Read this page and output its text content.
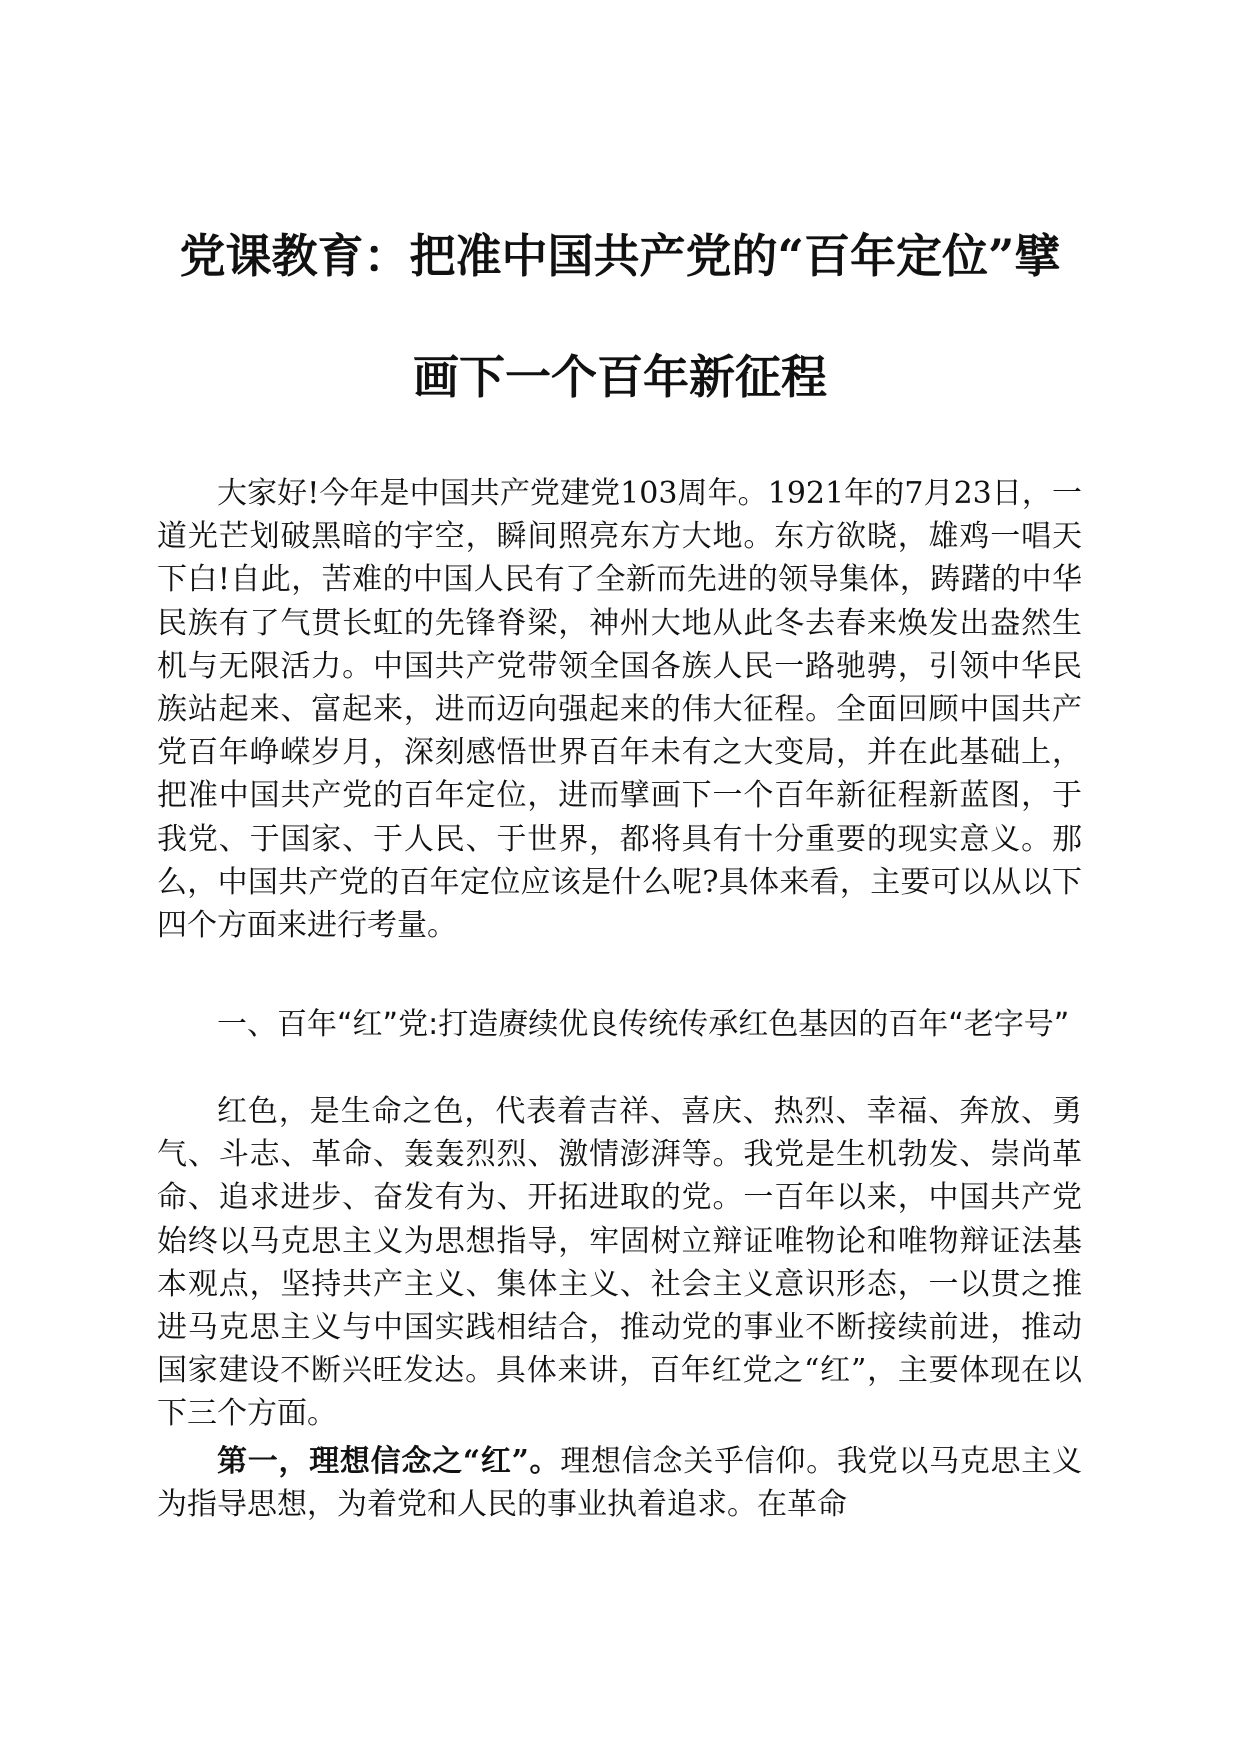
党课教育：把准中国共产党的“百年定位”擘
画下一个百年新征程

大家好!今年是中国共产党建党103周年。1921年的7月23日，一道光芒划破黑暗的宇空，瞬间照亮东方大地。东方欲晓，雄鸡一唱天下白!自此，苦难的中国人民有了全新而先进的领导集体，踌躇的中华民族有了气贯长虹的先锋脊梁，神州大地从此冬去春来焕发出盎然生机与无限活力。中国共产党带领全国各族人民一路驰骋，引领中华民族站起来、富起来，进而迈向强起来的伟大征程。全面回顾中国共产党百年峥嵘岁月，深刻感悟世界百年未有之大变局，并在此基础上，把准中国共产党的百年定位，进而擘画下一个百年新征程新蓝图，于我党、于国家、于人民、于世界，都将具有十分重要的现实意义。那么，中国共产党的百年定位应该是什么呢?具体来看，主要可以从以下四个方面来进行考量。

一、百年“红”党:打造赓续优良传统传承红色基因的百年“老字号”

红色，是生命之色，代表着吉祥、喜庆、热烈、幸福、奔放、勇气、斗志、革命、轰轰烈烈、激情澎湃等。我党是生机勃发、崇尚革命、追求进步、奋发有为、开拓进取的党。一百年以来，中国共产党始终以马克思主义为思想指导，牢固树立辩证唯物论和唯物辩证法基本观点，坚持共产主义、集体主义、社会主义意识形态，一以贯之推进马克思主义与中国实践相结合，推动党的事业不断接续前进，推动国家建设不断兴旺发达。具体来讲，百年红党之“红”，主要体现在以下三个方面。

第一，理想信念之“红”。理想信念关乎信仰。我党以马克思主义为指导思想，为着党和人民的事业执着追求。在革命
